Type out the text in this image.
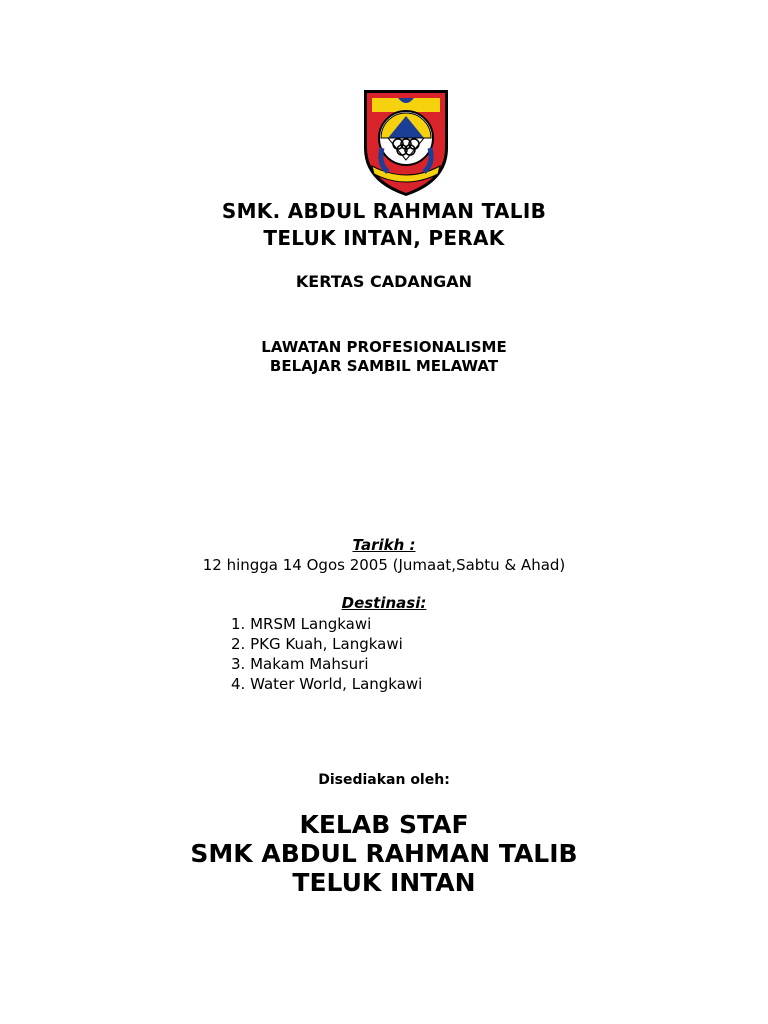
SMK. ABDUL RAHMAN TALIB
TELUK INTAN, PERAK
KERTAS CADANGAN
LAWATAN PROFESIONALISME
BELAJAR SAMBIL MELAWAT
Tarikh :
12 hingga 14 Ogos 2005 (Jumaat,Sabtu & Ahad)
Destinasi:
1. MRSM Langkawi
2. PKG Kuah, Langkawi
3. Makam Mahsuri
4. Water World, Langkawi
Disediakan oleh:
KELAB STAF
SMK ABDUL RAHMAN TALIB
TELUK INTAN
